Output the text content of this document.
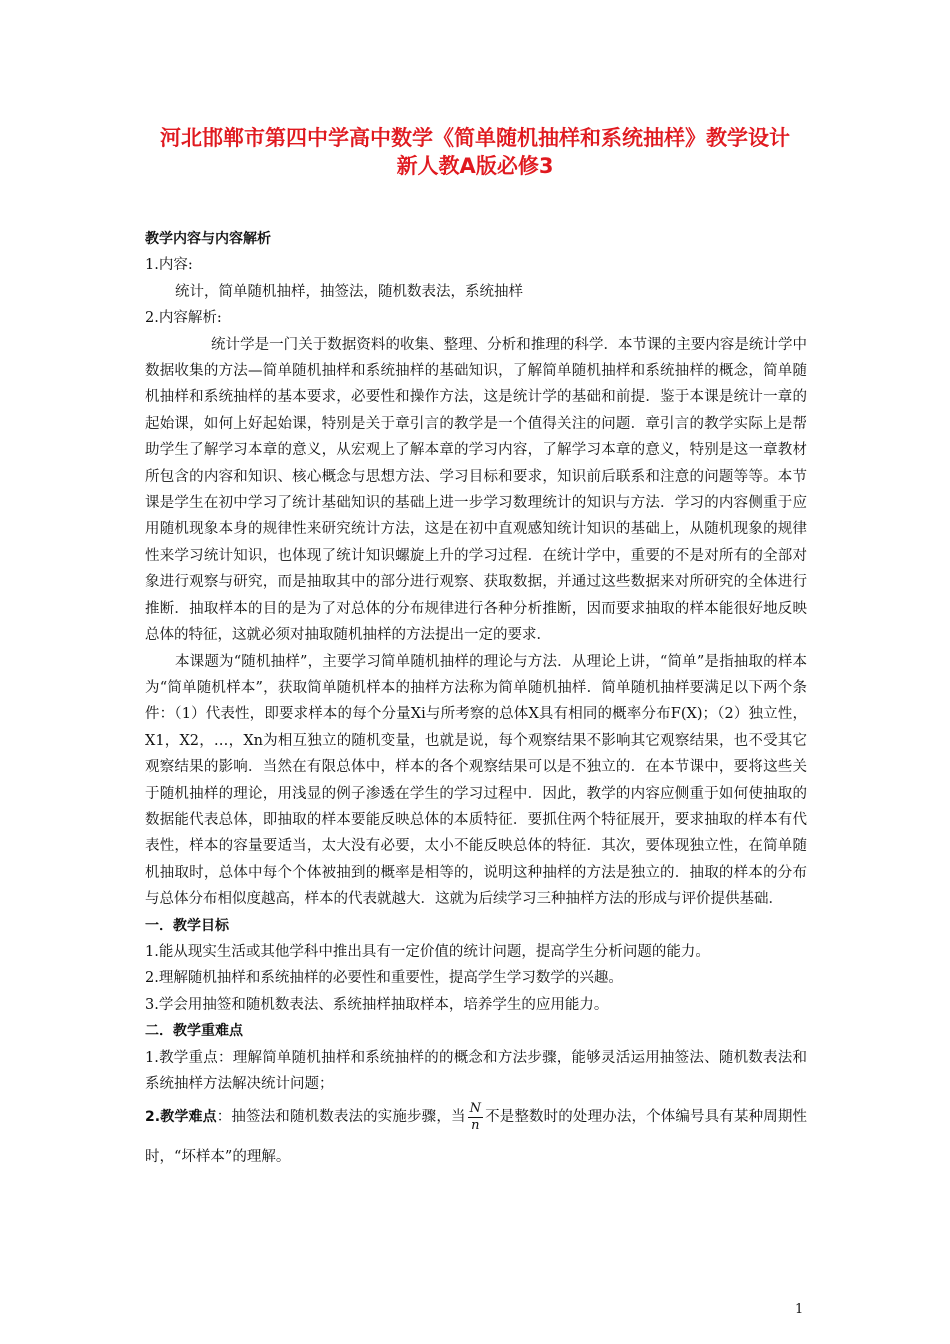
河北邯郸市第四中学高中数学《简单随机抽样和系统抽样》教学设计
新人教A版必修3

教学内容与内容解析

1.内容:

统计，简单随机抽样，抽签法，随机数表法，系统抽样

2.内容解析:

统计学是一门关于数据资料的收集、整理、分析和推理的科学．本节课的主要内容是统计学中数据收集的方法—简单随机抽样和系统抽样的基础知识，了解简单随机抽样和系统抽样的概念，简单随机抽样和系统抽样的基本要求，必要性和操作方法，这是统计学的基础和前提．鉴于本课是统计一章的起始课，如何上好起始课，特别是关于章引言的教学是一个值得关注的问题．章引言的教学实际上是帮助学生了解学习本章的意义，从宏观上了解本章的学习内容，了解学习本章的意义，特别是这一章教材所包含的内容和知识、核心概念与思想方法、学习目标和要求，知识前后联系和注意的问题等等。本节课是学生在初中学习了统计基础知识的基础上进一步学习数理统计的知识与方法．学习的内容侧重于应用随机现象本身的规律性来研究统计方法，这是在初中直观感知统计知识的基础上，从随机现象的规律性来学习统计知识，也体现了统计知识螺旋上升的学习过程．在统计学中，重要的不是对所有的全部对象进行观察与研究，而是抽取其中的部分进行观察、获取数据，并通过这些数据来对所研究的全体进行推断．抽取样本的目的是为了对总体的分布规律进行各种分析推断，因而要求抽取的样本能很好地反映总体的特征，这就必须对抽取随机抽样的方法提出一定的要求．

本课题为“随机抽样”，主要学习简单随机抽样的理论与方法．从理论上讲，“简单”是指抽取的样本为“简单随机样本”，获取简单随机样本的抽样方法称为简单随机抽样．简单随机抽样要满足以下两个条件：（1）代表性，即要求样本的每个分量Xi与所考察的总体X具有相同的概率分布F(X)；（2）独立性，X1，X2，…，Xn为相互独立的随机变量，也就是说，每个观察结果不影响其它观察结果，也不受其它观察结果的影响．当然在有限总体中，样本的各个观察结果可以是不独立的．在本节课中，要将这些关于随机抽样的理论，用浅显的例子渗透在学生的学习过程中．因此，教学的内容应侧重于如何使抽取的数据能代表总体，即抽取的样本要能反映总体的本质特征．要抓住两个特征展开，要求抽取的样本有代表性，样本的容量要适当，太大没有必要，太小不能反映总体的特征．其次，要体现独立性，在简单随机抽取时，总体中每个个体被抽到的概率是相等的，说明这种抽样的方法是独立的．抽取的样本的分布与总体分布相似度越高，样本的代表就越大．这就为后续学习三种抽样方法的形成与评价提供基础．

一．教学目标

1.能从现实生活或其他学科中推出具有一定价值的统计问题，提高学生分析问题的能力。

2.理解随机抽样和系统抽样的必要性和重要性，提高学生学习数学的兴趣。

3.学会用抽签和随机数表法、系统抽样抽取样本，培养学生的应用能力。

二．教学重难点

1.教学重点：理解简单随机抽样和系统抽样的的概念和方法步骤，能够灵活运用抽签法、随机数表法和系统抽样方法解决统计问题；

2.教学难点：抽签法和随机数表法的实施步骤，当 $\frac{N}{n}$ 不是整数时的处理办法，个体编号具有某种周期性时，“坏样本”的理解。

1
